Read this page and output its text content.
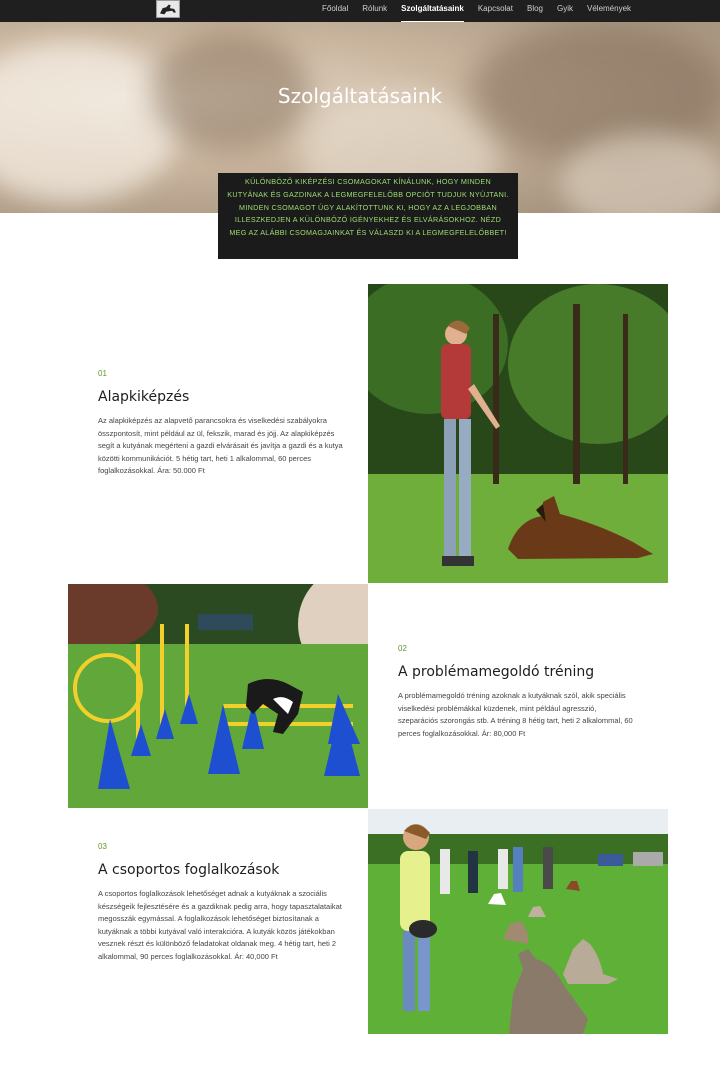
Főoldal Rólunk Szolgáltatásaink Kapcsolat Blog Gyik Vélemények
Szolgáltatásaink

KÜLÖNBÖZŐ KIKÉPZÉSI CSOMAGOKAT KÍNÁLUNK, HOGY MINDEN KUTYÁNAK ÉS GAZDINAK A LEGMEGFELELŐBB OPCIÓT TUDJUK NYÚJTANI. MINDEN CSOMAGOT ÚGY ALAKÍTOTTUNK KI, HOGY AZ A LEGJOBBAN ILLESZKEDJEN A KÜLÖNBÖZŐ IGÉNYEKHEZ ÉS ELVÁRÁSOKHOZ. NÉZD MEG AZ ALÁBBI CSOMAGJAINKAT ÉS VÁLASZD KI A LEGMEGFELELŐBBET!

01
Alapkiképzés

Az alapkiképzés az alapvető parancsokra és viselkedési szabályokra összpontosít, mint például az ül, fekszik, marad és jöjj. Az alapkiképzés segít a kutyának megérteni a gazdi elvárásait és javítja a gazdi és a kutya közötti kommunikációt. 5 hétig tart, heti 1 alkalommal, 60 perces foglalkozásokkal. Ára: 50.000 Ft

02
A problémamegoldó tréning

A problémamegoldó tréning azoknak a kutyáknak szól, akik speciális viselkedési problémákkal küzdenek, mint például agresszió, szeparációs szorongás stb. A tréning 8 hétig tart, heti 2 alkalommal, 60 perces foglalkozásokkal. Ár: 80,000 Ft

03
A csoportos foglalkozások

A csoportos foglalkozások lehetőséget adnak a kutyáknak a szociális készségeik fejlesztésére és a gazdiknak pedig arra, hogy tapasztalataikat megosszák egymással. A foglalkozások lehetőséget biztosítanak a kutyáknak a többi kutyával való interakcióra. A kutyák közös játékokban vesznek részt és különböző feladatokat oldanak meg. 4 hétig tart, heti 2 alkalommal, 90 perces foglalkozásokkal. Ár: 40,000 Ft
